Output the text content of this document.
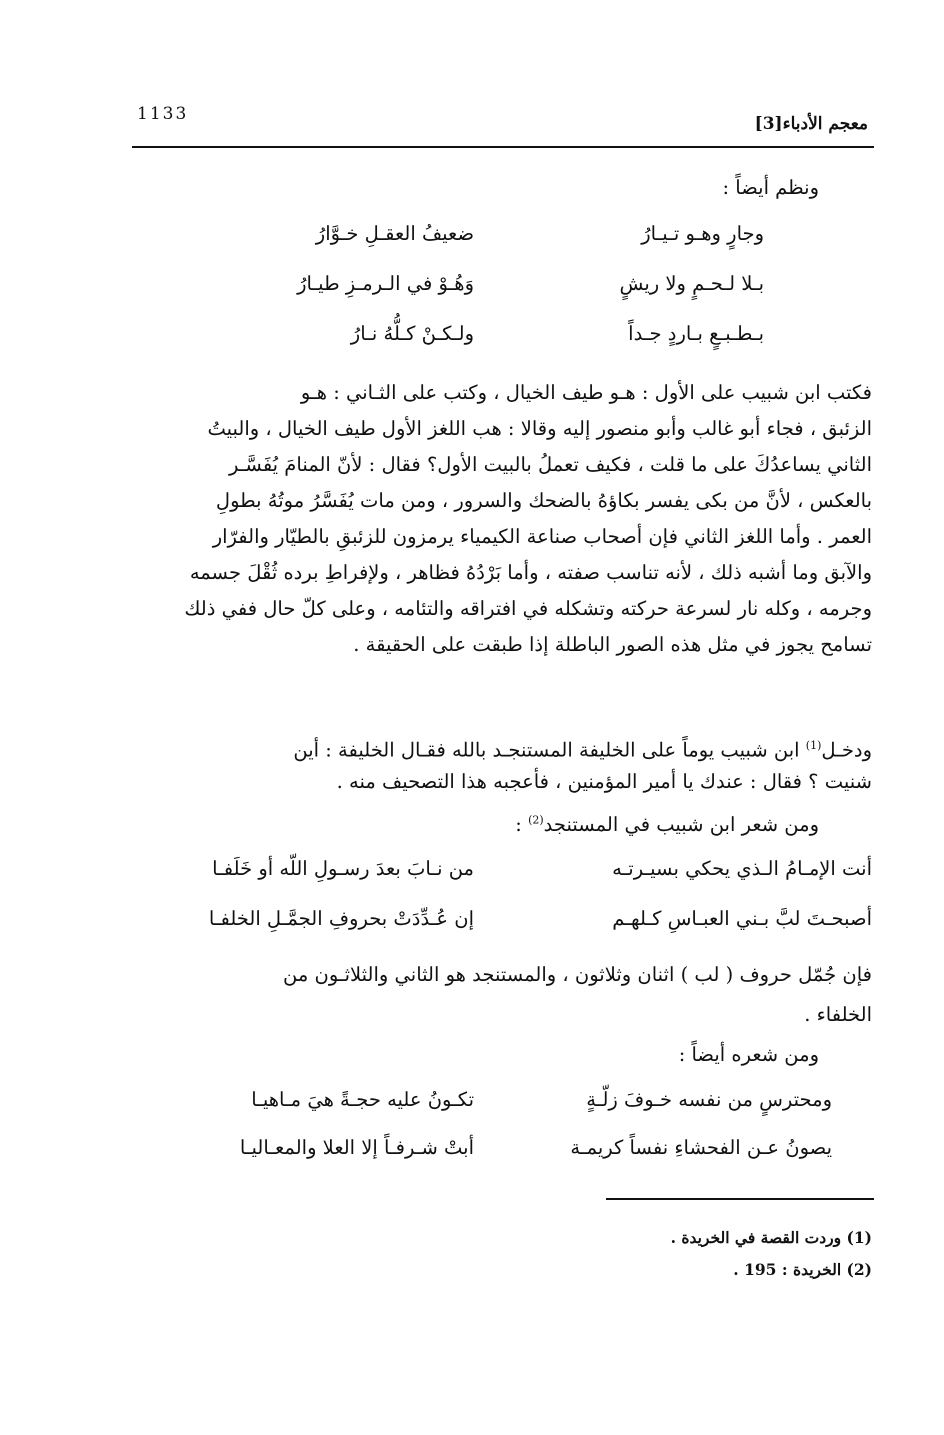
معجم الأدباء[3]
1133
ونظم أيضاً :
وجارٍ وهـو تـيـارُ
ضعيفُ العقـلِ خـوَّارُ
بـلا لـحـمٍ ولا ريشٍ
وَهُـوْ في الـرمـزِ طيـارُ
بـطـبـعٍ بـاردٍ جـداً
ولـكـنْ كـلُّهُ نـارُ
فكتب ابن شبيب على الأول : هـو طيف الخيال ، وكتب على الثـاني : هـو
الزئبق ، فجاء أبو غالب وأبو منصور إليه وقالا : هب اللغز الأول طيف الخيال ، والبيتُ
الثاني يساعدُكَ على ما قلت ، فكيف تعملُ بالبيت الأول؟ فقال : لأنّ المنامَ يُفَسَّـر
بالعكس ، لأنَّ من بكى يفسر بكاؤهُ بالضحك والسرور ، ومن مات يُفَسَّرُ موتُهُ بطولِ
العمر . وأما اللغز الثاني فإن أصحاب صناعة الكيمياء يرمزون للزئبقِ بالطيّار والفرّار
والآبق وما أشبه ذلك ، لأنه تناسب صفته ، وأما بَرْدُهُ فظاهر ، ولإفراطِ برده ثُقْلَ جسمه
وجرمه ، وكله نار لسرعة حركته وتشكله في افتراقه والتئامه ، وعلى كلّ حال ففي ذلك
تسامح يجوز في مثل هذه الصور الباطلة إذا طبقت على الحقيقة .
ودخـل$^{(1)}$ ابن شبيب يوماً على الخليفة المستنجـد بالله فقـال الخليفة : أين
شنيت ؟ فقال : عندك يا أمير المؤمنين ، فأعجبه هذا التصحيف منه .
ومن شعر ابن شبيب في المستنجد$^{(2)}$ :
أنت الإمـامُ الـذي يحكي بسيـرتـه
من نـابَ بعدَ رسـولِ اللّه أو خَلَفـا
أصبحـتَ لبَّ بـني العبـاسِ كـلهـم
إن عُـدِّدَتْ بحروفِ الجمَّـلِ الخلفـا
فإن جُمّل حروف ( لب ) اثنان وثلاثون ، والمستنجد هو الثاني والثلاثـون من
الخلفاء .
ومن شعره أيضاً :
ومحترسٍ من نفسه خـوفَ زلّـةٍ
تكـونُ عليه حجـةً هيَ مـاهيـا
يصونُ عـن الفحشاءِ نفساً كريمـة
أبتْ شـرفـاً إلا العلا والمعـاليـا
(1) وردت القصة في الخريدة .
(2) الخريدة : 195 .
